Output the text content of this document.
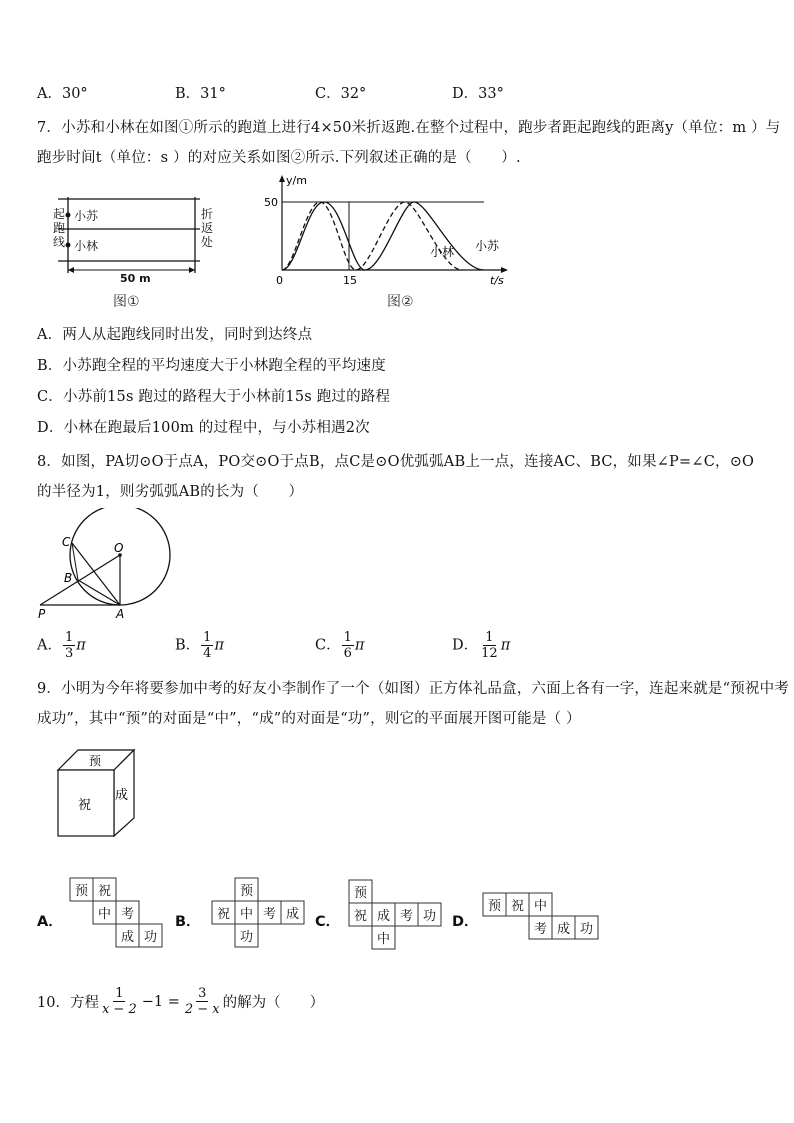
A．30°	B．31°	C．32°	D．33°
7．小苏和小林在如图①所示的跑道上进行4×50米折返跑.在整个过程中，跑步者距起跑线的距离y（单位：m ）与
跑步时间t（单位：s ）的对应关系如图②所示.下列叙述正确的是（　　）.
起
跑
线
折
返
处
小苏
小林
50 m
图①
y/m
t/s
50
15
0
小林 小苏
图②
A．两人从起跑线同时出发，同时到达终点
B．小苏跑全程的平均速度大于小林跑全程的平均速度
C．小苏前15s 跑过的路程大于小林前15s 跑过的路程
D．小林在跑最后100m 的过程中，与小苏相遇2次
8．如图，PA切⊙O于点A，PO交⊙O于点B，点C是⊙O优弧弧AB上一点，连接AC、BC，如果∠P=∠C，⊙O
的半径为1，则劣弧弧AB的长为（　　）
C	O
B
P	A
A． $\frac{1}{3}$ π	B． $\frac{1}{4}$ π	C． $\frac{1}{6}$ π	D． $\frac{1}{12}$ π
9．小明为今年将要参加中考的好友小李制作了一个（如图）正方体礼品盒，六面上各有一字，连起来就是“预祝中考
成功”，其中“预”的对面是“中”，“成”的对面是“功”，则它的平面展开图可能是（ ）
预
祝
成
A．	B．	C．	D．
预 祝
中 考
成 功
预
祝 中 考 成
功
预
祝 成 考 功
中
预 祝 中
考 成 功
10．方程 $\frac{1}{x - 2} -1 = \frac{3}{2 - x}$ 的解为（　　）
